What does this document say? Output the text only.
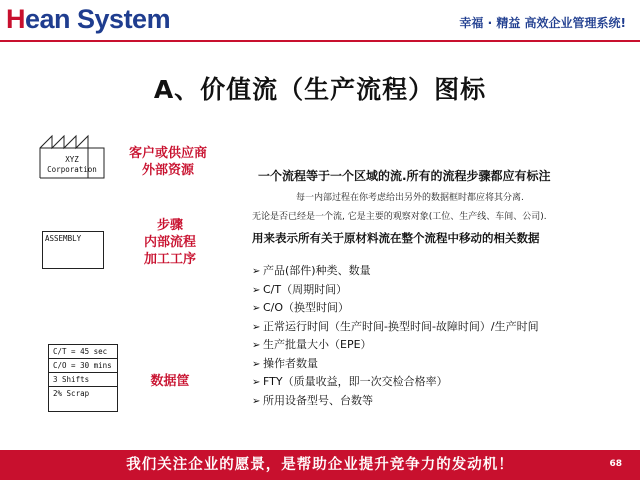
Hean System	幸福 · 精益 高效企业管理系统!
A、价值流（生产流程）图标
XYZ
Corporation
ASSEMBLY
C/T = 45 sec
C/O = 30 mins
3 Shifts
2% Scrap
客户或供应商
外部资源
步骤
内部流程
加工工序
数据筐
一个流程等于一个区域的流.所有的流程步骤都应有标注
每一内部过程在你考虑给出另外的数据框时都应将其分离.
无论是否已经是一个流, 它是主要的观察对象(工位、生产线、车间、公司).
用来表示所有关于原材料流在整个流程中移动的相关数据
➢ 产品(部件)种类、数量
➢ C/T（周期时间）
➢ C/O（换型时间）
➢ 正常运行时间（生产时间-换型时间-故障时间）/生产时间
➢ 生产批量大小（EPE）
➢ 操作者数量
➢ FTY（质量收益，即一次交检合格率）
➢ 所用设备型号、台数等
我们关注企业的愿景，是帮助企业提升竞争力的发动机！	68
